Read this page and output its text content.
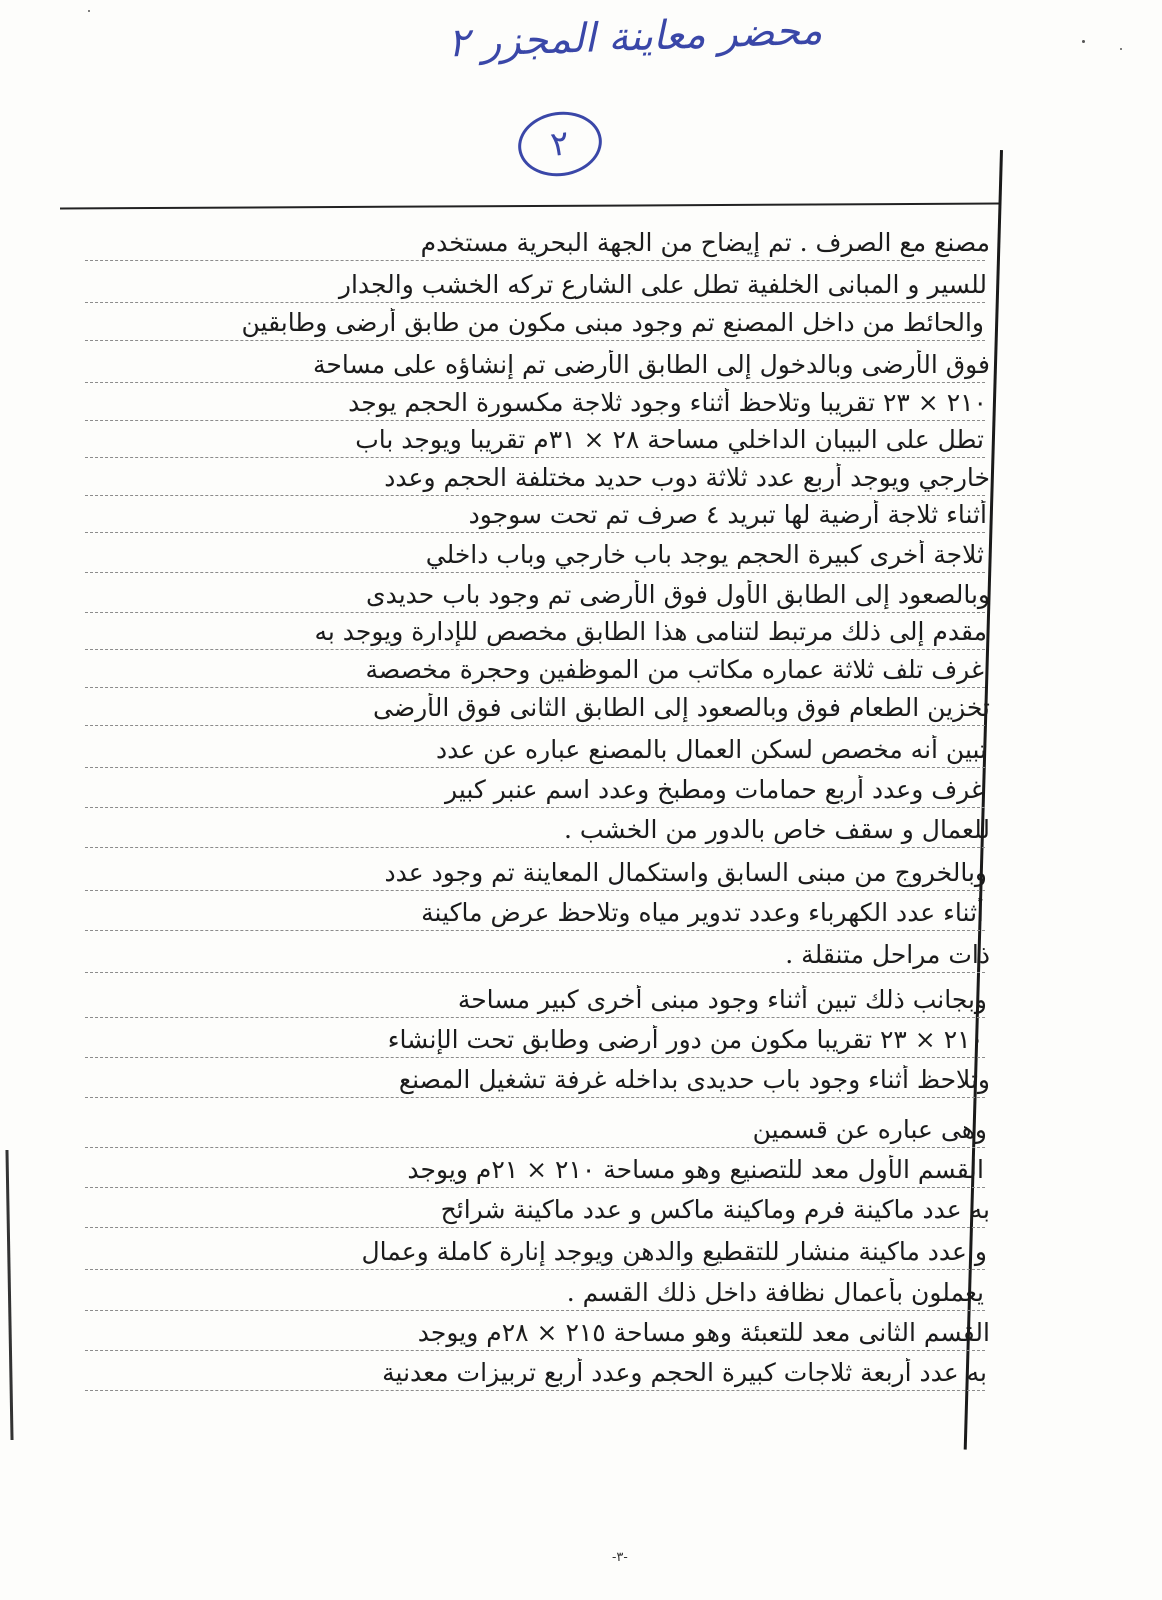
محضر معاينة المجزر ٢
٢
مصنع مع الصرف . تم إيضاح من الجهة البحرية مستخدم
للسير و المبانى الخلفية تطل على الشارع تركه الخشب والجدار
والحائط من داخل المصنع تم وجود مبنى مكون من طابق أرضى وطابقين
فوق الأرضى وبالدخول إلى الطابق الأرضى تم إنشاؤه على مساحة
٢١٠ × ٢٣ تقريبا وتلاحظ أثناء وجود ثلاجة مكسورة الحجم يوجد
تطل على البيبان الداخلي مساحة ٢٨ × ٣١م تقريبا ويوجد باب
خارجي ويوجد أربع عدد ثلاثة دوب حديد مختلفة الحجم وعدد
أثناء ثلاجة أرضية لها تبريد ٤ صرف تم تحت سوجود
ثلاجة أخرى كبيرة الحجم يوجد باب خارجي وباب داخلي
وبالصعود إلى الطابق الأول فوق الأرضى تم وجود باب حديدى
مقدم إلى ذلك مرتبط لتنامى هذا الطابق مخصص للإدارة ويوجد به
غرف تلف ثلاثة عماره مكاتب من الموظفين وحجرة مخصصة
تخزين الطعام فوق وبالصعود إلى الطابق الثانى فوق الأرضى
تبين أنه مخصص لسكن العمال بالمصنع عباره عن عدد
غرف وعدد أربع حمامات ومطبخ وعدد اسم عنبر كبير
للعمال و سقف خاص بالدور من الخشب .
وبالخروج من مبنى السابق واستكمال المعاينة تم وجود عدد
أثناء عدد الكهرباء وعدد تدوير مياه وتلاحظ عرض ماكينة
ذات مراحل متنقلة .
وبجانب ذلك تبين أثناء وجود مبنى أخرى كبير مساحة
٢١٠ × ٢٣ تقريبا مكون من دور أرضى وطابق تحت الإنشاء
وتلاحظ أثناء وجود باب حديدى بداخله غرفة تشغيل المصنع
وهى عباره عن قسمين
القسم الأول معد للتصنيع وهو مساحة ٢١٠ × ٢١م ويوجد
به عدد ماكينة فرم وماكينة ماكس و عدد ماكينة شرائح
و عدد ماكينة منشار للتقطيع والدهن ويوجد إنارة كاملة وعمال
يعملون بأعمال نظافة داخل ذلك القسم .
القسم الثانى معد للتعبئة وهو مساحة ٢١٥ × ٢٨م ويوجد
به عدد أربعة ثلاجات كبيرة الحجم وعدد أربع تربيزات معدنية
-٣-
